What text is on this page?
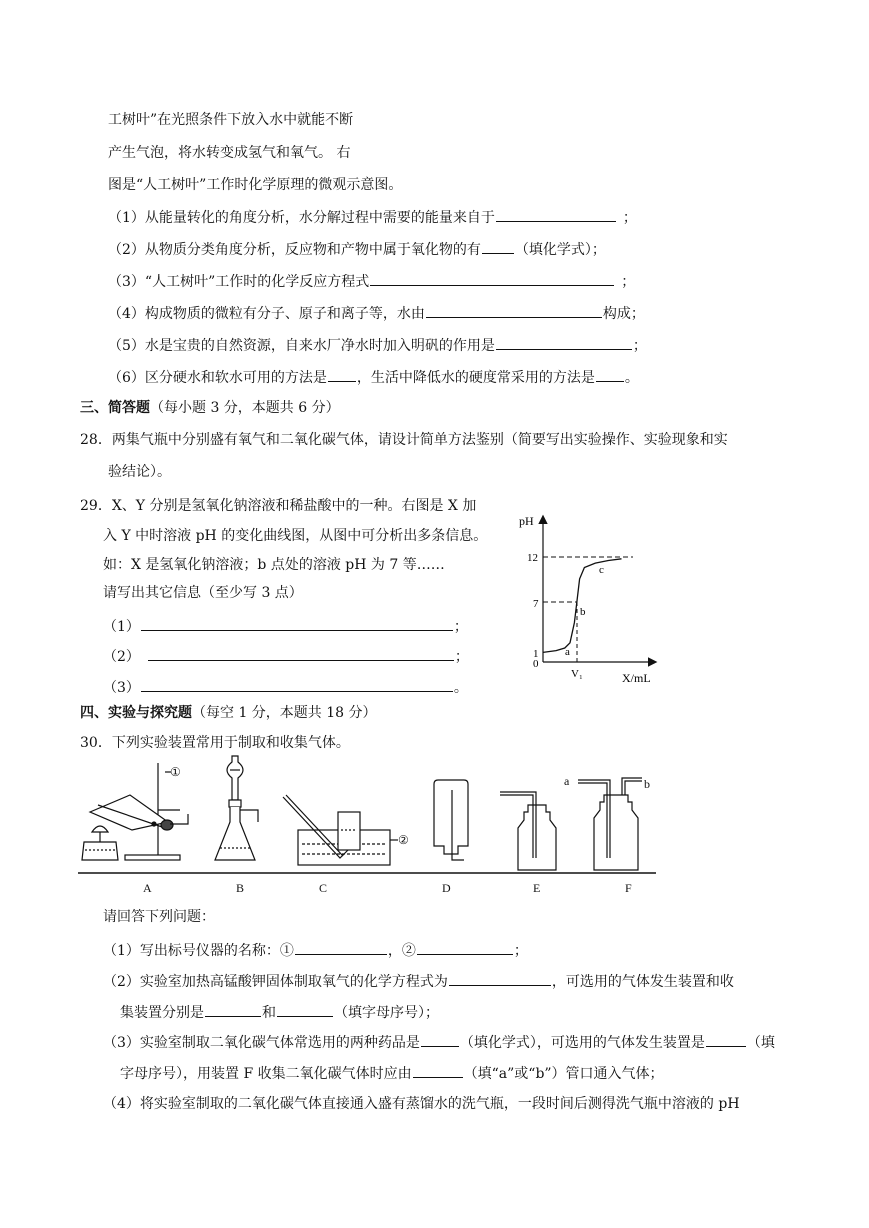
工树叶”在光照条件下放入水中就能不断
产生气泡，将水转变成氢气和氧气。 右
图是“人工树叶”工作时化学原理的微观示意图。
（1）从能量转化的角度分析，水分解过程中需要的能量来自于	；
（2）从物质分类角度分析，反应物和产物中属于氧化物的有 （填化学式）；
（3）“人工树叶”工作时的化学反应方程式	；
（4）构成物质的微粒有分子、原子和离子等，水由	构成；
（5）水是宝贵的自然资源，自来水厂净水时加入明矾的作用是	；
（6）区分硬水和软水可用的方法是 ，生活中降低水的硬度常采用的方法是 。
三、简答题（每小题 3 分，本题共 6 分）
28．两集气瓶中分别盛有氧气和二氧化碳气体，请设计简单方法鉴别（简要写出实验操作、实验现象和实
验结论）。
29．X、Y 分别是氢氧化钠溶液和稀盐酸中的一种。右图是 X 加
入 Y 中时溶液 pH 的变化曲线图，从图中可分析出多条信息。
如：X 是氢氧化钠溶液；b 点处的溶液 pH 为 7 等……
请写出其它信息（至少写 3 点）
（1）	；
（2）	；
（3）	。
pH
X/mL
0
1
7
12
V₁
a
b
c
四、实验与探究题（每空 1 分，本题共 18 分）
30．下列实验装置常用于制取和收集气体。
①
A	B
②
C	D	E
a	b
F
请回答下列问题：
（1）写出标号仪器的名称：①	，②	；
（2）实验室加热高锰酸钾固体制取氧气的化学方程式为	，可选用的气体发生装置和收
集装置分别是	和	（填字母序号）；
（3）实验室制取二氧化碳气体常选用的两种药品是	（填化学式），可选用的气体发生装置是	（填
字母序号），用装置 F 收集二氧化碳气体时应由	（填“a”或“b”）管口通入气体；
（4）将实验室制取的二氧化碳气体直接通入盛有蒸馏水的洗气瓶，一段时间后测得洗气瓶中溶液的 pH
